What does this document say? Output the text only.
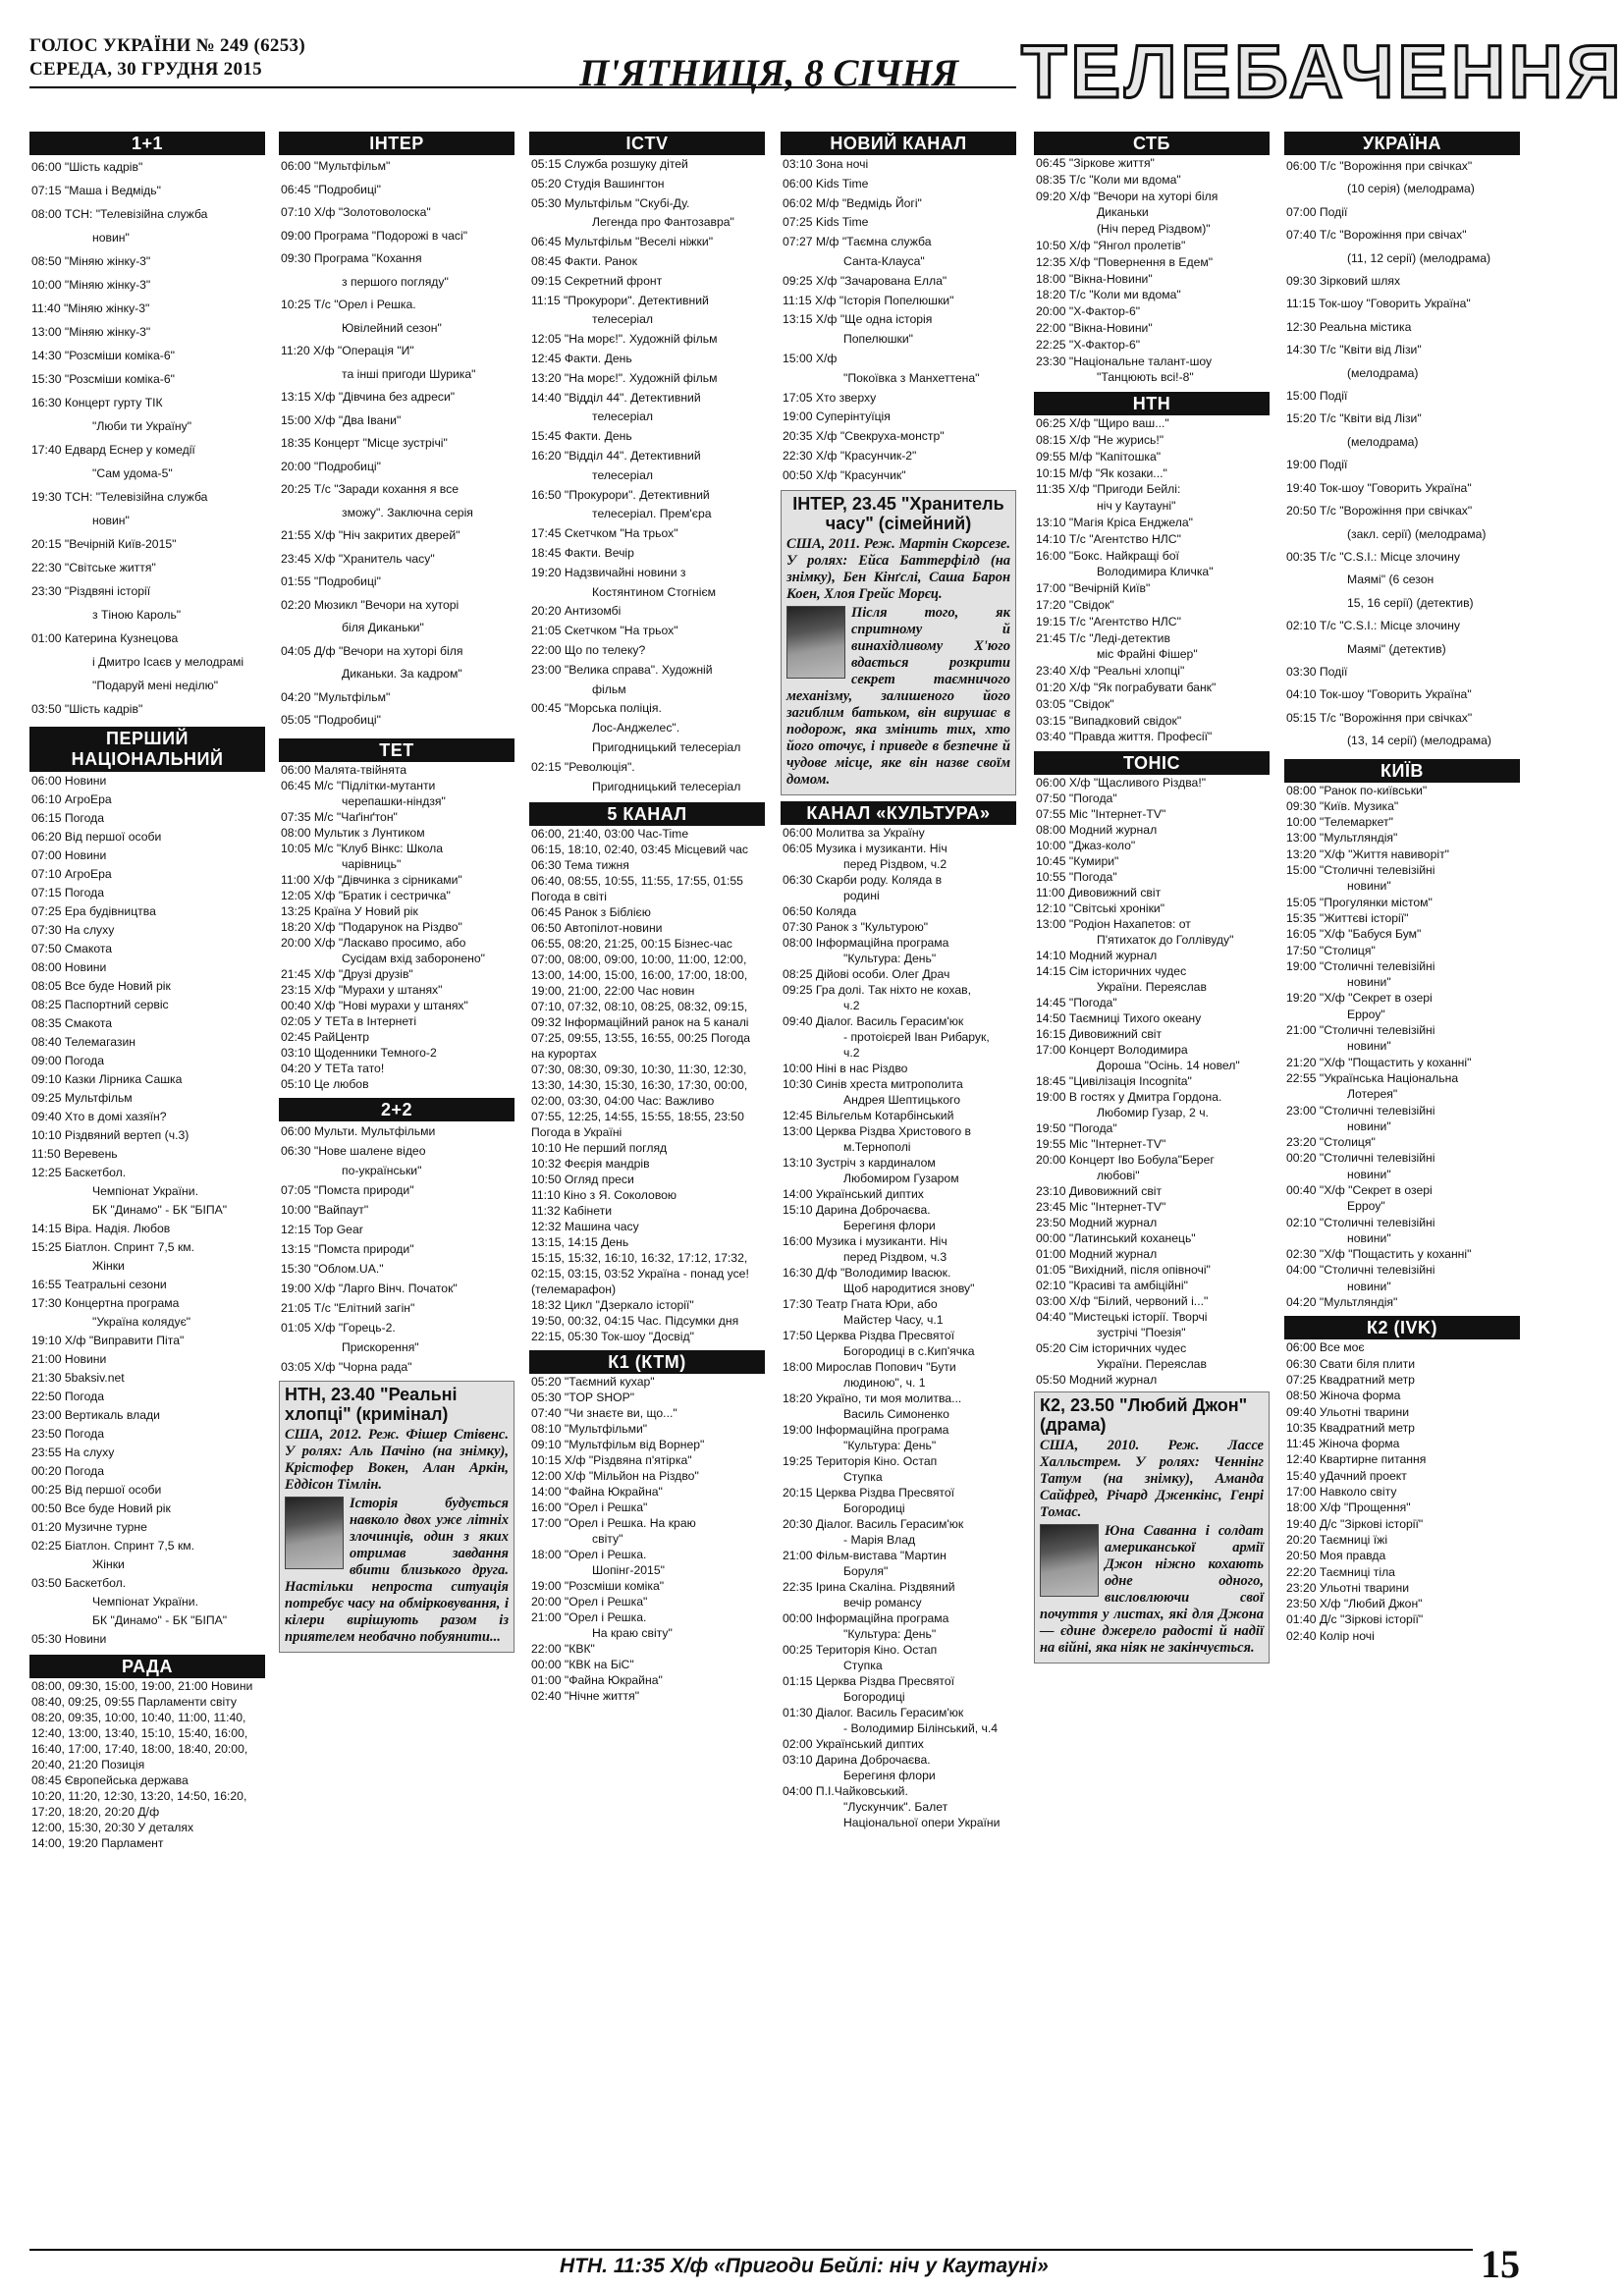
ГОЛОС УКРАЇНИ № 249 (6253)
СЕРЕДА, 30 ГРУДНЯ 2015	П'ЯТНИЦЯ, 8 СІЧНЯ ТЕЛЕБАЧЕННЯ
1+1
06:00 "Шість кадрів"
07:15 "Маша і Ведмідь"
08:00 ТСН: "Телевізійна служба
новин"
08:50 "Міняю жінку-3"
10:00 "Міняю жінку-3"
11:40 "Міняю жінку-3"
13:00 "Міняю жінку-3"
14:30 "Розсміши коміка-6"
15:30 "Розсміши коміка-6"
16:30 Концерт гурту ТІК
"Люби ти Україну"
17:40 Едвард Еснер у комедії
"Сам удома-5"
19:30 ТСН: "Телевізійна служба
новин"
20:15 "Вечірній Київ-2015"
22:30 "Світське життя"
23:30 "Різдвяні історії
з Тіною Кароль"
01:00 Катерина Кузнецова
і Дмитро Ісаєв у мелодрамі
"Подаруй мені неділю"
03:50 "Шість кадрів"
ПЕРШИЙ НАЦІОНАЛЬНИЙ
06:00 Новини
06:10 АгроЕра
06:15 Погода
06:20 Від першої особи
07:00 Новини
07:10 АгроЕра
07:15 Погода
07:25 Ера будівництва
07:30 На слуху
07:50 Смакота
08:00 Новини
08:05 Все буде Новий рік
08:25 Паспортний сервіс
08:35 Смакота
08:40 Телемагазин
09:00 Погода
09:10 Казки Лірника Сашка
09:25 Мультфільм
09:40 Хто в домі хазяїн?
10:10 Різдвяний вертеп (ч.3)
11:50 Веревень
12:25 Баскетбол.
Чемпіонат України.
БК "Динамо" - БК "БІПА"
14:15 Віра. Надія. Любов
15:25 Біатлон. Спринт 7,5 км.
Жінки
16:55 Театральні сезони
17:30 Концертна програма
"Україна колядує"
19:10 Х/ф "Виправити Піта"
21:00 Новини
21:30 5baksiv.net
22:50 Погода
23:00 Вертикаль влади
23:50 Погода
23:55 На слуху
00:20 Погода
00:25 Від першої особи
00:50 Все буде Новий рік
01:20 Музичне турне
02:25 Біатлон. Спринт 7,5 км.
Жінки
03:50 Баскетбол.
Чемпіонат України.
БК "Динамо" - БК "БІПА"
05:30 Новини
РАДА
08:00, 09:30, 15:00, 19:00, 21:00 Новини
08:40, 09:25, 09:55 Парламенти світу
08:20, 09:35, 10:00, 10:40, 11:00, 11:40, 12:40, 13:00, 13:40, 15:10, 15:40, 16:00, 16:40, 17:00, 17:40, 18:00, 18:40, 20:00, 20:40, 21:20 Позиція
08:45 Європейська держава
10:20, 11:20, 12:30, 13:20, 14:50, 16:20, 17:20, 18:20, 20:20 Д/ф
12:00, 15:30, 20:30 У деталях
14:00, 19:20 Парламент
ІНТЕР
06:00 "Мультфільм"
06:45 "Подробиці"
07:10 Х/ф "Золотоволоска"
09:00 Програма "Подорожі в часі"
09:30 Програма "Кохання
з першого погляду"
10:25 Т/с "Орел і Решка.
Ювілейний сезон"
11:20 Х/ф "Операція "И"
та інші пригоди Шурика"
13:15 Х/ф "Дівчина без адреси"
15:00 Х/ф "Два Івани"
18:35 Концерт "Місце зустрічі"
20:00 "Подробиці"
20:25 Т/с "Заради кохання я все
зможу". Заключна серія
21:55 Х/ф "Ніч закритих дверей"
23:45 Х/ф "Хранитель часу"
01:55 "Подробиці"
02:20 Мюзикл "Вечори на хуторі
біля Диканьки"
04:05 Д/ф "Вечори на хуторі біля
Диканьки. За кадром"
04:20 "Мультфільм"
05:05 "Подробиці"
ТЕТ
06:00 Малята-твійнята
06:45 М/с "Підлітки-мутанти
черепашки-ніндзя"
07:35 М/с "Чаґінґтон"
08:00 Мультик з Лунтиком
10:05 М/с "Клуб Вінкс: Школа
чарівниць"
11:00 Х/ф "Дівчинка з сірниками"
12:05 Х/ф "Братик і сестричка"
13:25 Країна У Новий рік
18:20 Х/ф "Подарунок на Різдво"
20:00 Х/ф "Ласкаво просимо, або
Сусідам вхід заборонено"
21:45 Х/ф "Друзі друзів"
23:15 Х/ф "Мурахи у штанях"
00:40 Х/ф "Нові мурахи у штанях"
02:05 У ТЕТа в Інтернеті
02:45 РайЦентр
03:10 Щоденники Темного-2
04:20 У ТЕТа тато!
05:10 Це любов
2+2
06:00 Мульти. Мультфільми
06:30 "Нове шалене відео
по-українськи"
07:05 "Помста природи"
10:00 "Вайпаут"
12:15 Top Gear
13:15 "Помста природи"
15:30 "Облом.UA."
19:00 Х/ф "Ларго Вінч. Початок"
21:05 Т/с "Елітний загін"
01:05 Х/ф "Горець-2.
Прискорення"
03:05 Х/ф "Чорна рада"
НТН, 23.40 "Реальні хлопці" (кримінал)
США, 2012. Реж. Фішер Стівенс. У ролях: Аль Пачіно (на знімку), Крістофер Вокен, Алан Аркін, Еддісон Тімлін.
Історія будується навколо двох уже літніх злочинців, один з яких отримав завдання вбити близького друга. Настільки непроста ситуація потребує часу на обмірковування, і кілери вирішують разом із приятелем необачно побуянити...
ICTV
05:15 Служба розшуку дітей
05:20 Студія Вашингтон
05:30 Мультфільм "Скубі-Ду.
Легенда про Фантозавра"
06:45 Мультфільм "Веселі ніжки"
08:45 Факти. Ранок
09:15 Секретний фронт
11:15 "Прокурори". Детективний
телесеріал
12:05 "На морє!". Художній фільм
12:45 Факти. День
13:20 "На морє!". Художній фільм
14:40 "Відділ 44". Детективний
телесеріал
15:45 Факти. День
16:20 "Відділ 44". Детективний
телесеріал
16:50 "Прокурори". Детективний
телесеріал. Прем'єра
17:45 Скетчком "На трьох"
18:45 Факти. Вечір
19:20 Надзвичайні новини з
Костянтином Стогнієм
20:20 Антизомбі
21:05 Скетчком "На трьох"
22:00 Що по телеку?
23:00 "Велика справа". Художній
фільм
00:45 "Морська поліція.
Лос-Анджелес".
Пригодницький телесеріал
02:15 "Революція".
Пригодницький телесеріал
5 КАНАЛ
06:00, 21:40, 03:00 Час-Time
06:15, 18:10, 02:40, 03:45 Місцевий час
06:30 Тема тижня
06:40, 08:55, 10:55, 11:55, 17:55, 01:55 Погода в світі
06:45 Ранок з Біблією
06:50 Автопілот-новини
06:55, 08:20, 21:25, 00:15 Бізнес-час
07:00, 08:00, 09:00, 10:00, 11:00, 12:00, 13:00, 14:00, 15:00, 16:00, 17:00, 18:00, 19:00, 21:00, 22:00 Час новин
07:10, 07:32, 08:10, 08:25, 08:32, 09:15, 09:32 Інформаційний ранок на 5 каналі
07:25, 09:55, 13:55, 16:55, 00:25 Погода на курортах
07:30, 08:30, 09:30, 10:30, 11:30, 12:30, 13:30, 14:30, 15:30, 16:30, 17:30, 00:00, 02:00, 03:30, 04:00 Час: Важливо
07:55, 12:25, 14:55, 15:55, 18:55, 23:50 Погода в Україні
10:10 Не перший погляд
10:32 Феєрія мандрів
10:50 Огляд преси
11:10 Кіно з Я. Соколовою
11:32 Кабінети
12:32 Машина часу
13:15, 14:15 День
15:15, 15:32, 16:10, 16:32, 17:12, 17:32, 02:15, 03:15, 03:52 Україна - понад усе! (телемарафон)
18:32 Цикл "Дзеркало історії"
19:50, 00:32, 04:15 Час. Підсумки дня
22:15, 05:30 Ток-шоу "Досвід"
К1 (КТМ)
05:20 "Таємний кухар"
05:30 "TOP SHOP"
07:40 "Чи знаєте ви, що..."
08:10 "Мультфільми"
09:10 "Мультфільм від Ворнер"
10:15 Х/ф "Різдвяна п'ятірка"
12:00 Х/ф "Мільйон на Різдво"
14:00 "Файна Юкрайна"
16:00 "Орел і Решка"
17:00 "Орел і Решка. На краю
світу"
18:00 "Орел і Решка.
Шопінг-2015"
19:00 "Розсміши коміка"
20:00 "Орел і Решка"
21:00 "Орел і Решка.
На краю світу"
22:00 "КВК"
00:00 "КВК на БіС"
01:00 "Файна Юкрайна"
02:40 "Нічне життя"
НОВИЙ КАНАЛ
03:10 Зона ночі
06:00 Kids Time
06:02 М/ф "Ведмідь Йогі"
07:25 Kids Time
07:27 М/ф "Таємна служба
Санта-Клауса"
09:25 Х/ф "Зачарована Елла"
11:15 Х/ф "Історія Попелюшки"
13:15 Х/ф "Ще одна історія
Попелюшки"
15:00 Х/ф
"Покоївка з Манхеттена"
17:05 Хто зверху
19:00 Суперінтуїція
20:35 Х/ф "Свекруха-монстр"
22:30 Х/ф "Красунчик-2"
00:50 Х/ф "Красунчик"
ІНТЕР, 23.45 "Хранитель часу" (сімейний)
США, 2011. Реж. Мартін Скорсезе. У ролях: Ейса Баттерфілд (на знімку), Бен Кінґслі, Саша Барон Коен, Хлоя Грейс Морєц.
Після того, як спритному й винахідливому Х'юго вдається розкрити секрет таємничого механізму, залишеного його загиблим батьком, він вирушає в подорож, яка змінить тих, хто його оточує, і приведе в безпечне й чудове місце, яке він назве своїм домом.
КАНАЛ «КУЛЬТУРА»
06:00 Молитва за Україну
06:05 Музика і музиканти. Ніч
перед Різдвом, ч.2
06:30 Скарби роду. Коляда в
родині
06:50 Коляда
07:30 Ранок з "Культурою"
08:00 Інформаційна програма
"Культура: День"
08:25 Дійові особи. Олег Драч
09:25 Гра долі. Так ніхто не кохав,
ч.2
09:40 Діалог. Василь Герасим'юк
- протоієрей Іван Рибарук,
ч.2
10:00 Ніні в нас Різдво
10:30 Синів хреста митрополита
Андрея Шептицького
12:45 Вільгельм Котарбінський
13:00 Церква Різдва Христового в
м.Тернополі
13:10 Зустріч з кардиналом
Любомиром Гузаром
14:00 Український диптих
15:10 Дарина Доброчаєва.
Берегиня флори
16:00 Музика і музиканти. Ніч
перед Різдвом, ч.3
16:30 Д/ф "Володимир Івасюк.
Щоб народитися знову"
17:30 Театр Гната Юри, або
Майстер Часу, ч.1
17:50 Церква Різдва Пресвятої
Богородиці в с.Кип'ячка
18:00 Мирослав Попович "Бути
людиною", ч. 1
18:20 Україно, ти моя молитва...
Василь Симоненко
19:00 Інформаційна програма
"Культура: День"
19:25 Територія Кіно. Остап
Ступка
20:15 Церква Різдва Пресвятої
Богородиці
20:30 Діалог. Василь Герасим'юк
- Марія Влад
21:00 Фільм-вистава "Мартин
Боруля"
22:35 Ірина Скаліна. Різдвяний
вечір романсу
00:00 Інформаційна програма
"Культура: День"
00:25 Територія Кіно. Остап
Ступка
01:15 Церква Різдва Пресвятої
Богородиці
01:30 Діалог. Василь Герасим'юк
- Володимир Білінський, ч.4
02:00 Український диптих
03:10 Дарина Доброчаєва.
Берегиня флори
04:00 П.І.Чайковський.
"Лускунчик". Балет
Національної опери України
СТБ
06:45 "Зіркове життя"
08:35 Т/с "Коли ми вдома"
09:20 Х/ф "Вечори на хуторі біля
Диканьки
(Ніч перед Різдвом)"
10:50 Х/ф "Янгол пролетів"
12:35 Х/ф "Повернення в Едем"
18:00 "Вікна-Новини"
18:20 Т/с "Коли ми вдома"
20:00 "Х-Фактор-6"
22:00 "Вікна-Новини"
22:25 "Х-Фактор-6"
23:30 "Національне талант-шоу
"Танцюють всі!-8"
НТН
06:25 Х/ф "Щиро ваш..."
08:15 Х/ф "Не журись!"
09:55 М/ф "Капітошка"
10:15 М/ф "Як козаки..."
11:35 Х/ф "Пригоди Бейлі:
ніч у Каутауні"
13:10 "Магія Кріса Енджела"
14:10 Т/с "Агентство НЛС"
16:00 "Бокс. Найкращі бої
Володимира Кличка"
17:00 "Вечірній Київ"
17:20 "Свідок"
19:15 Т/с "Агентство НЛС"
21:45 Т/с "Леді-детектив
міс Фрайні Фішер"
23:40 Х/ф "Реальні хлопці"
01:20 Х/ф "Як пограбувати банк"
03:05 "Свідок"
03:15 "Випадковий свідок"
03:40 "Правда життя. Професії"
ТОНІС
06:00 Х/ф "Щасливого Різдва!"
07:50 "Погода"
07:55 Міс "Інтернет-TV"
08:00 Модний журнал
10:00 "Джаз-коло"
10:45 "Кумири"
10:55 "Погода"
11:00 Дивовижний світ
12:10 "Світські хроніки"
13:00 "Родіон Нахапетов: от
П'ятихаток до Голлівуду"
14:10 Модний журнал
14:15 Сім історичних чудес
України. Переяслав
14:45 "Погода"
14:50 Таємниці Тихого океану
16:15 Дивовижний світ
17:00 Концерт Володимира
Дороша "Осінь. 14 новел"
18:45 "Цивілізація Incognita"
19:00 В гостях у Дмитра Гордона.
Любомир Гузар, 2 ч.
19:50 "Погода"
19:55 Міс "Інтернет-TV"
20:00 Концерт Іво Бобула"Берег
любові"
23:10 Дивовижний світ
23:45 Міс "Інтернет-TV"
23:50 Модний журнал
00:00 "Латинський коханець"
01:00 Модний журнал
01:05 "Вихідний, після опівночі"
02:10 "Красиві та амбіційні"
03:00 Х/ф "Білий, червоний і..."
04:40 "Мистецькі історії. Творчі
зустрічі "Поезія"
05:20 Сім історичних чудес
України. Переяслав
05:50 Модний журнал
К2, 23.50 "Любий Джон" (драма)
США, 2010. Реж. Лассе Халльстрем. У ролях: Ченнінг Татум (на знімку), Аманда Сайфред, Річард Дженкінс, Генрі Томас.
Юна Саванна і солдат американської армії Джон ніжно кохають одне одного, висловлюючи свої почуття у листах, які для Джона — єдине джерело радості й надії на війні, яка ніяк не закінчується.
УКРАЇНА
06:00 Т/с "Ворожіння при свічках"
(10 серія) (мелодрама)
07:00 Події
07:40 Т/с "Ворожіння при свічах"
(11, 12 серії) (мелодрама)
09:30 Зірковий шлях
11:15 Ток-шоу "Говорить Україна"
12:30 Реальна містика
14:30 Т/с "Квіти від Лізи"
(мелодрама)
15:00 Події
15:20 Т/с "Квіти від Лізи"
(мелодрама)
19:00 Події
19:40 Ток-шоу "Говорить Україна"
20:50 Т/с "Ворожіння при свічках"
(закл. серії) (мелодрама)
00:35 Т/с "C.S.I.: Місце злочину
Маямі" (6 сезон
15, 16 серії) (детектив)
02:10 Т/с "C.S.I.: Місце злочину
Маямі" (детектив)
03:30 Події
04:10 Ток-шоу "Говорить Україна"
05:15 Т/с "Ворожіння при свічках"
(13, 14 серії) (мелодрама)
КИЇВ
08:00 "Ранок по-київськи"
09:30 "Київ. Музика"
10:00 "Телемаркет"
13:00 "Мультляндія"
13:20 "Х/ф "Життя навиворіт"
15:00 "Столичні телевізійні
новини"
15:05 "Прогулянки містом"
15:35 "Життєві історії"
16:05 "Х/ф "Бабуся Бум"
17:50 "Столиця"
19:00 "Столичні телевізійні
новини"
19:20 "Х/ф "Секрет в озері
Ерроу"
21:00 "Столичні телевізійні
новини"
21:20 "Х/ф "Пощастить у коханні"
22:55 "Українська Національна
Лотерея"
23:00 "Столичні телевізійні
новини"
23:20 "Столиця"
00:20 "Столичні телевізійні
новини"
00:40 "Х/ф "Секрет в озері
Ерроу"
02:10 "Столичні телевізійні
новини"
02:30 "Х/ф "Пощастить у коханні"
04:00 "Столичні телевізійні
новини"
04:20 "Мультляндія"
К2 (IVK)
06:00 Все моє
06:30 Свати біля плити
07:25 Квадратний метр
08:50 Жіноча форма
09:40 Ульотні тварини
10:35 Квадратний метр
11:45 Жіноча форма
12:40 Квартирне питання
15:40 уДачний проект
17:00 Навколо світу
18:00 Х/ф "Прощення"
19:40 Д/с "Зіркові історії"
20:20 Таємниці їжі
20:50 Моя правда
22:20 Таємниці тіла
23:20 Ульотні тварини
23:50 Х/ф "Любий Джон"
01:40 Д/с "Зіркові історії"
02:40 Колір ночі
НТН. 11:35 Х/ф «Пригоди Бейлі: ніч у Каутауні»	15
